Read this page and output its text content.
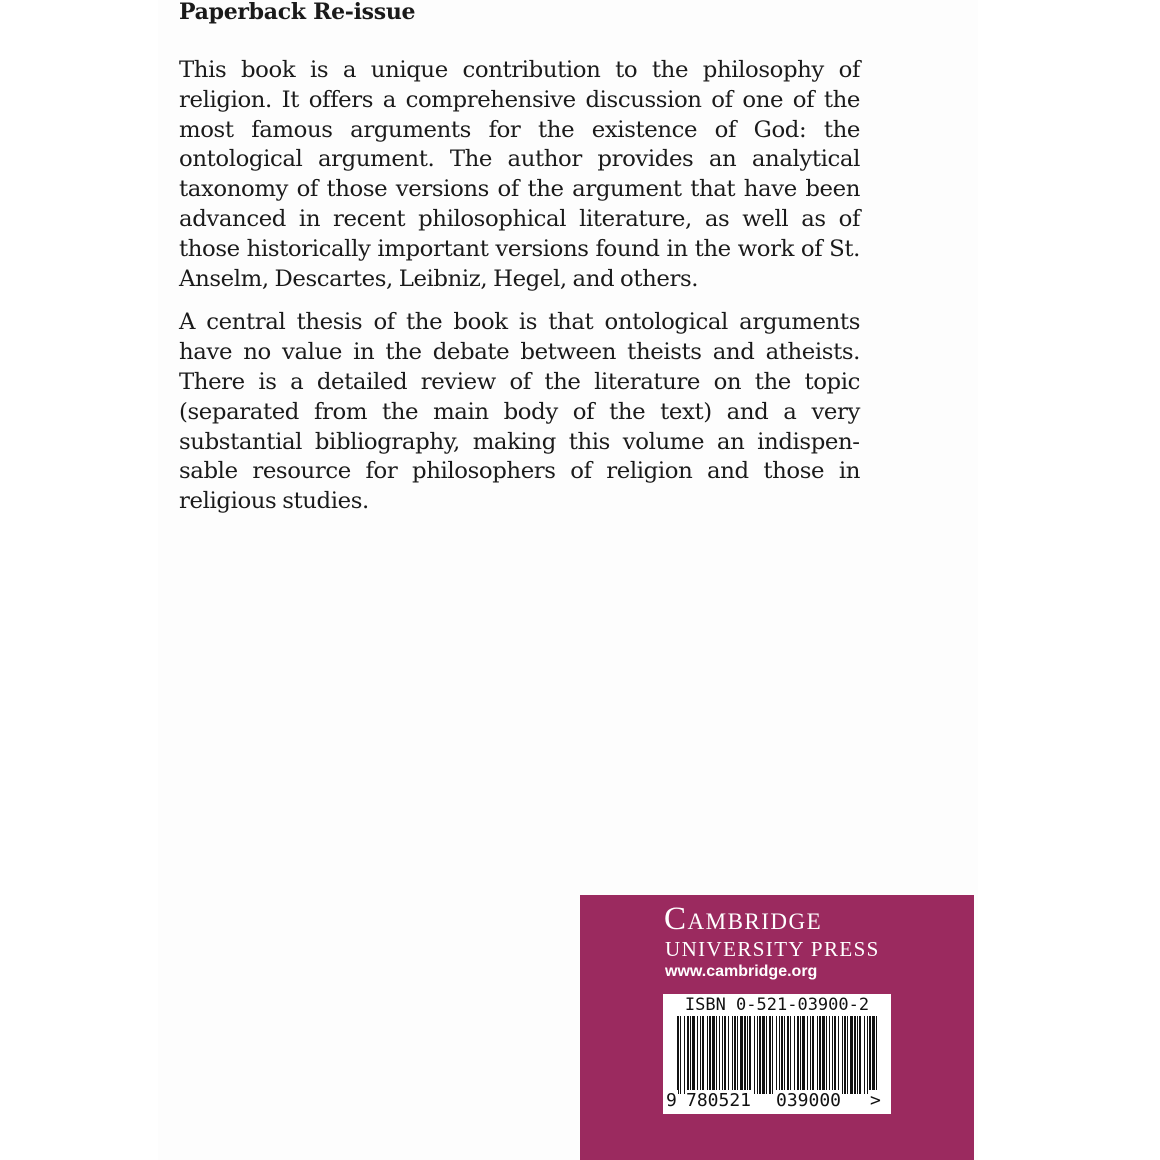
Paperback Re-issue

This book is a unique contribution to the philosophy of religion. It offers a comprehensive discussion of one of the most famous arguments for the existence of God: the ontological argument. The author provides an analytical taxonomy of those versions of the argument that have been advanced in recent philosophical literature, as well as of those historically important versions found in the work of St. Anselm, Descartes, Leibniz, Hegel, and others.

A central thesis of the book is that ontological arguments have no value in the debate between theists and atheists. There is a detailed review of the literature on the topic (separated from the main body of the text) and a very substantial bibliography, making this volume an indispensable resource for philosophers of religion and those in religious studies.

Cambridge
UNIVERSITY PRESS
www.cambridge.org
ISBN 0-521-03900-2
9 780521 039000 >
